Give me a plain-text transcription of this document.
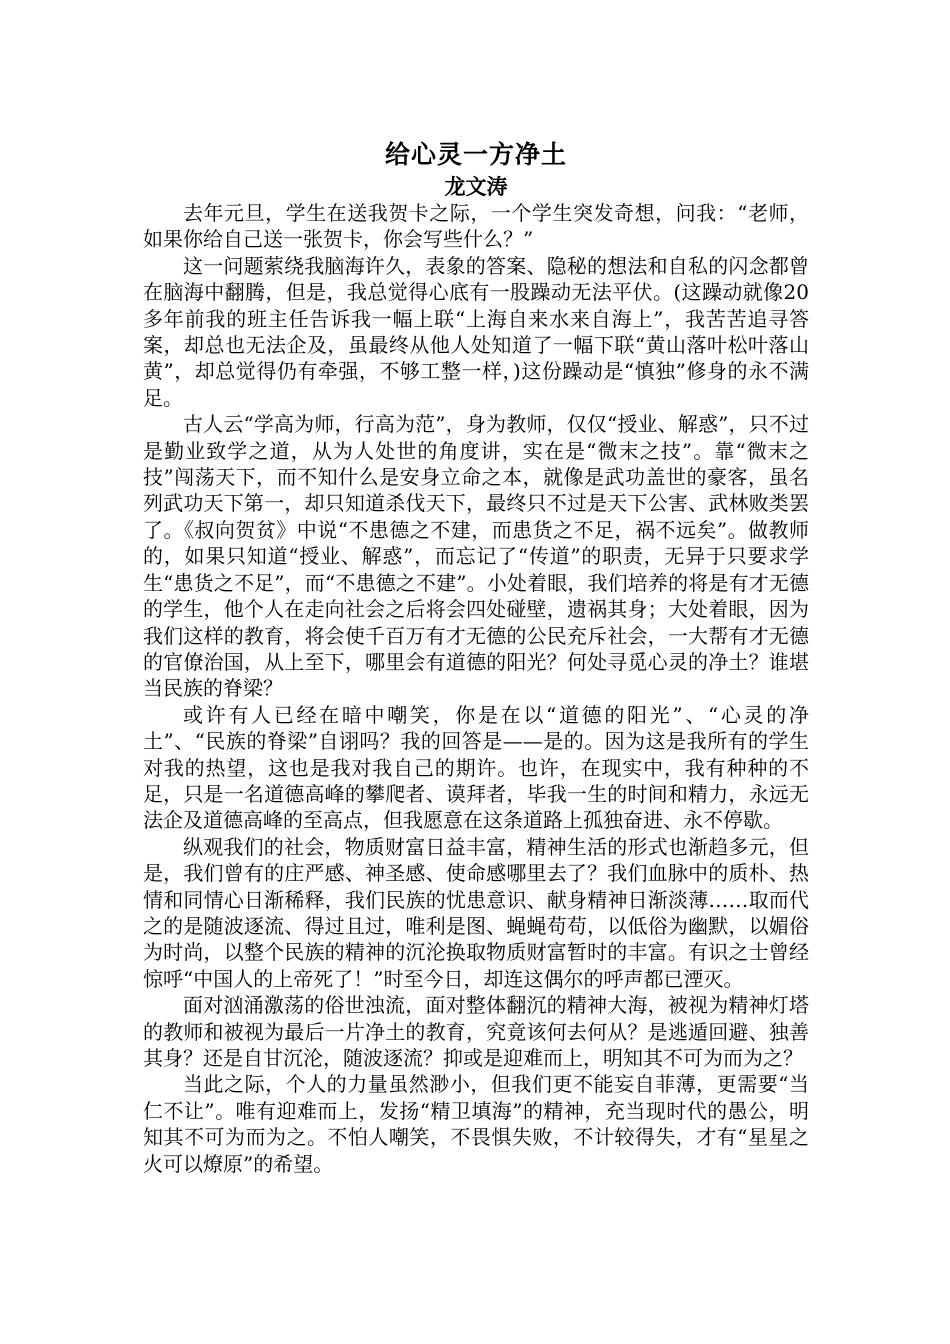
给心灵一方净土

龙文涛

去年元旦，学生在送我贺卡之际，一个学生突发奇想，问我：“老师，如果你给自己送一张贺卡，你会写些什么？”

这一问题萦绕我脑海许久，表象的答案、隐秘的想法和自私的闪念都曾在脑海中翻腾，但是，我总觉得心底有一股躁动无法平伏。(这躁动就像20多年前我的班主任告诉我一幅上联“上海自来水来自海上”，我苦苦追寻答案，却总也无法企及，虽最终从他人处知道了一幅下联“黄山落叶松叶落山黄”，却总觉得仍有牵强，不够工整一样，)这份躁动是“慎独”修身的永不满足。

古人云“学高为师，行高为范”，身为教师，仅仅“授业、解惑”，只不过是勤业致学之道，从为人处世的角度讲，实在是“微末之技”。靠“微末之技”闯荡天下，而不知什么是安身立命之本，就像是武功盖世的豪客，虽名列武功天下第一，却只知道杀伐天下，最终只不过是天下公害、武林败类罢了。《叔向贺贫》中说“不患德之不建，而患货之不足，祸不远矣”。做教师的，如果只知道“授业、解惑”，而忘记了“传道”的职责，无异于只要求学生“患货之不足”，而“不患德之不建”。小处着眼，我们培养的将是有才无德的学生，他个人在走向社会之后将会四处碰壁，遗祸其身；大处着眼，因为我们这样的教育，将会使千百万有才无德的公民充斥社会，一大帮有才无德的官僚治国，从上至下，哪里会有道德的阳光？何处寻觅心灵的净土？谁堪当民族的脊梁？

或许有人已经在暗中嘲笑，你是在以“道德的阳光”、“心灵的净土”、“民族的脊梁”自诩吗？我的回答是——是的。因为这是我所有的学生对我的热望，这也是我对我自己的期许。也许，在现实中，我有种种的不足，只是一名道德高峰的攀爬者、谟拜者，毕我一生的时间和精力，永远无法企及道德高峰的至高点，但我愿意在这条道路上孤独奋进、永不停歇。

纵观我们的社会，物质财富日益丰富，精神生活的形式也渐趋多元，但是，我们曾有的庄严感、神圣感、使命感哪里去了？我们血脉中的质朴、热情和同情心日渐稀释，我们民族的忧患意识、献身精神日渐淡薄……取而代之的是随波逐流、得过且过，唯利是图、蝇蝇苟苟，以低俗为幽默，以媚俗为时尚，以整个民族的精神的沉沦换取物质财富暂时的丰富。有识之士曾经惊呼“中国人的上帝死了！”时至今日，却连这偶尔的呼声都已湮灭。

面对汹涌激荡的俗世浊流，面对整体翻沉的精神大海，被视为精神灯塔的教师和被视为最后一片净土的教育，究竟该何去何从？是逃遁回避、独善其身？还是自甘沉沦，随波逐流？抑或是迎难而上，明知其不可为而为之？

当此之际，个人的力量虽然渺小，但我们更不能妄自菲薄，更需要“当仁不让”。唯有迎难而上，发扬“精卫填海”的精神，充当现时代的愚公，明知其不可为而为之。不怕人嘲笑，不畏惧失败，不计较得失，才有“星星之火可以燎原”的希望。
